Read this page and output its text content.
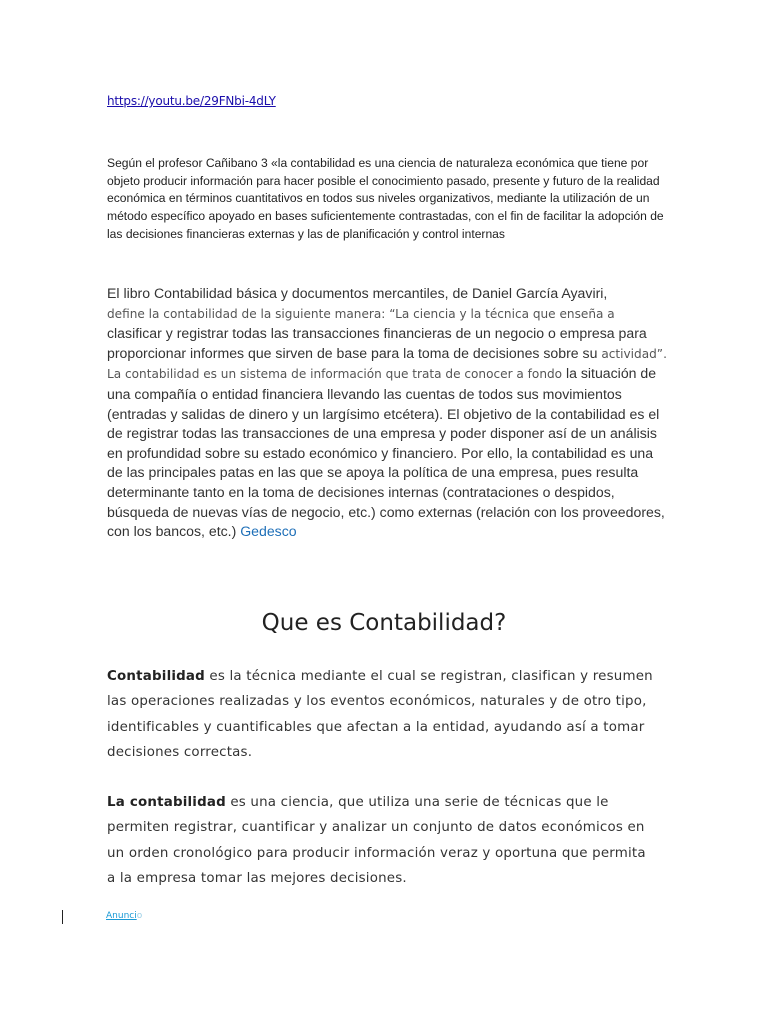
https://youtu.be/29FNbi-4dLY

Según el profesor Cañibano 3 «la contabilidad es una ciencia de naturaleza económica que tiene por objeto producir información para hacer posible el conocimiento pasado, presente y futuro de la realidad económica en términos cuantitativos en todos sus niveles organizativos, mediante la utilización de un método específico apoyado en bases suficientemente contrastadas, con el fin de facilitar la adopción de las decisiones financieras externas y las de planificación y control internas

El libro Contabilidad básica y documentos mercantiles, de Daniel García Ayaviri,
define la contabilidad de la siguiente manera: “La ciencia y la técnica que enseña a clasificar y registrar todas las transacciones financieras de un negocio o empresa para proporcionar informes que sirven de base para la toma de decisiones sobre su actividad”. La contabilidad es un sistema de información que trata de conocer a fondo la situación de una compañía o entidad financiera llevando las cuentas de todos sus movimientos (entradas y salidas de dinero y un largísimo etcétera). El objetivo de la contabilidad es el de registrar todas las transacciones de una empresa y poder disponer así de un análisis en profundidad sobre su estado económico y financiero. Por ello, la contabilidad es una de las principales patas en las que se apoya la política de una empresa, pues resulta determinante tanto en la toma de decisiones internas (contrataciones o despidos, búsqueda de nuevas vías de negocio, etc.) como externas (relación con los proveedores, con los bancos, etc.) Gedesco

Que es Contabilidad?

Contabilidad es la técnica mediante el cual se registran, clasifican y resumen las operaciones realizadas y los eventos económicos, naturales y de otro tipo, identificables y cuantificables que afectan a la entidad, ayudando así a tomar decisiones correctas.

La contabilidad es una ciencia, que utiliza una serie de técnicas que le permiten registrar, cuantificar y analizar un conjunto de datos económicos en un orden cronológico para producir información veraz y oportuna que permita a la empresa tomar las mejores decisiones.

Anuncio
